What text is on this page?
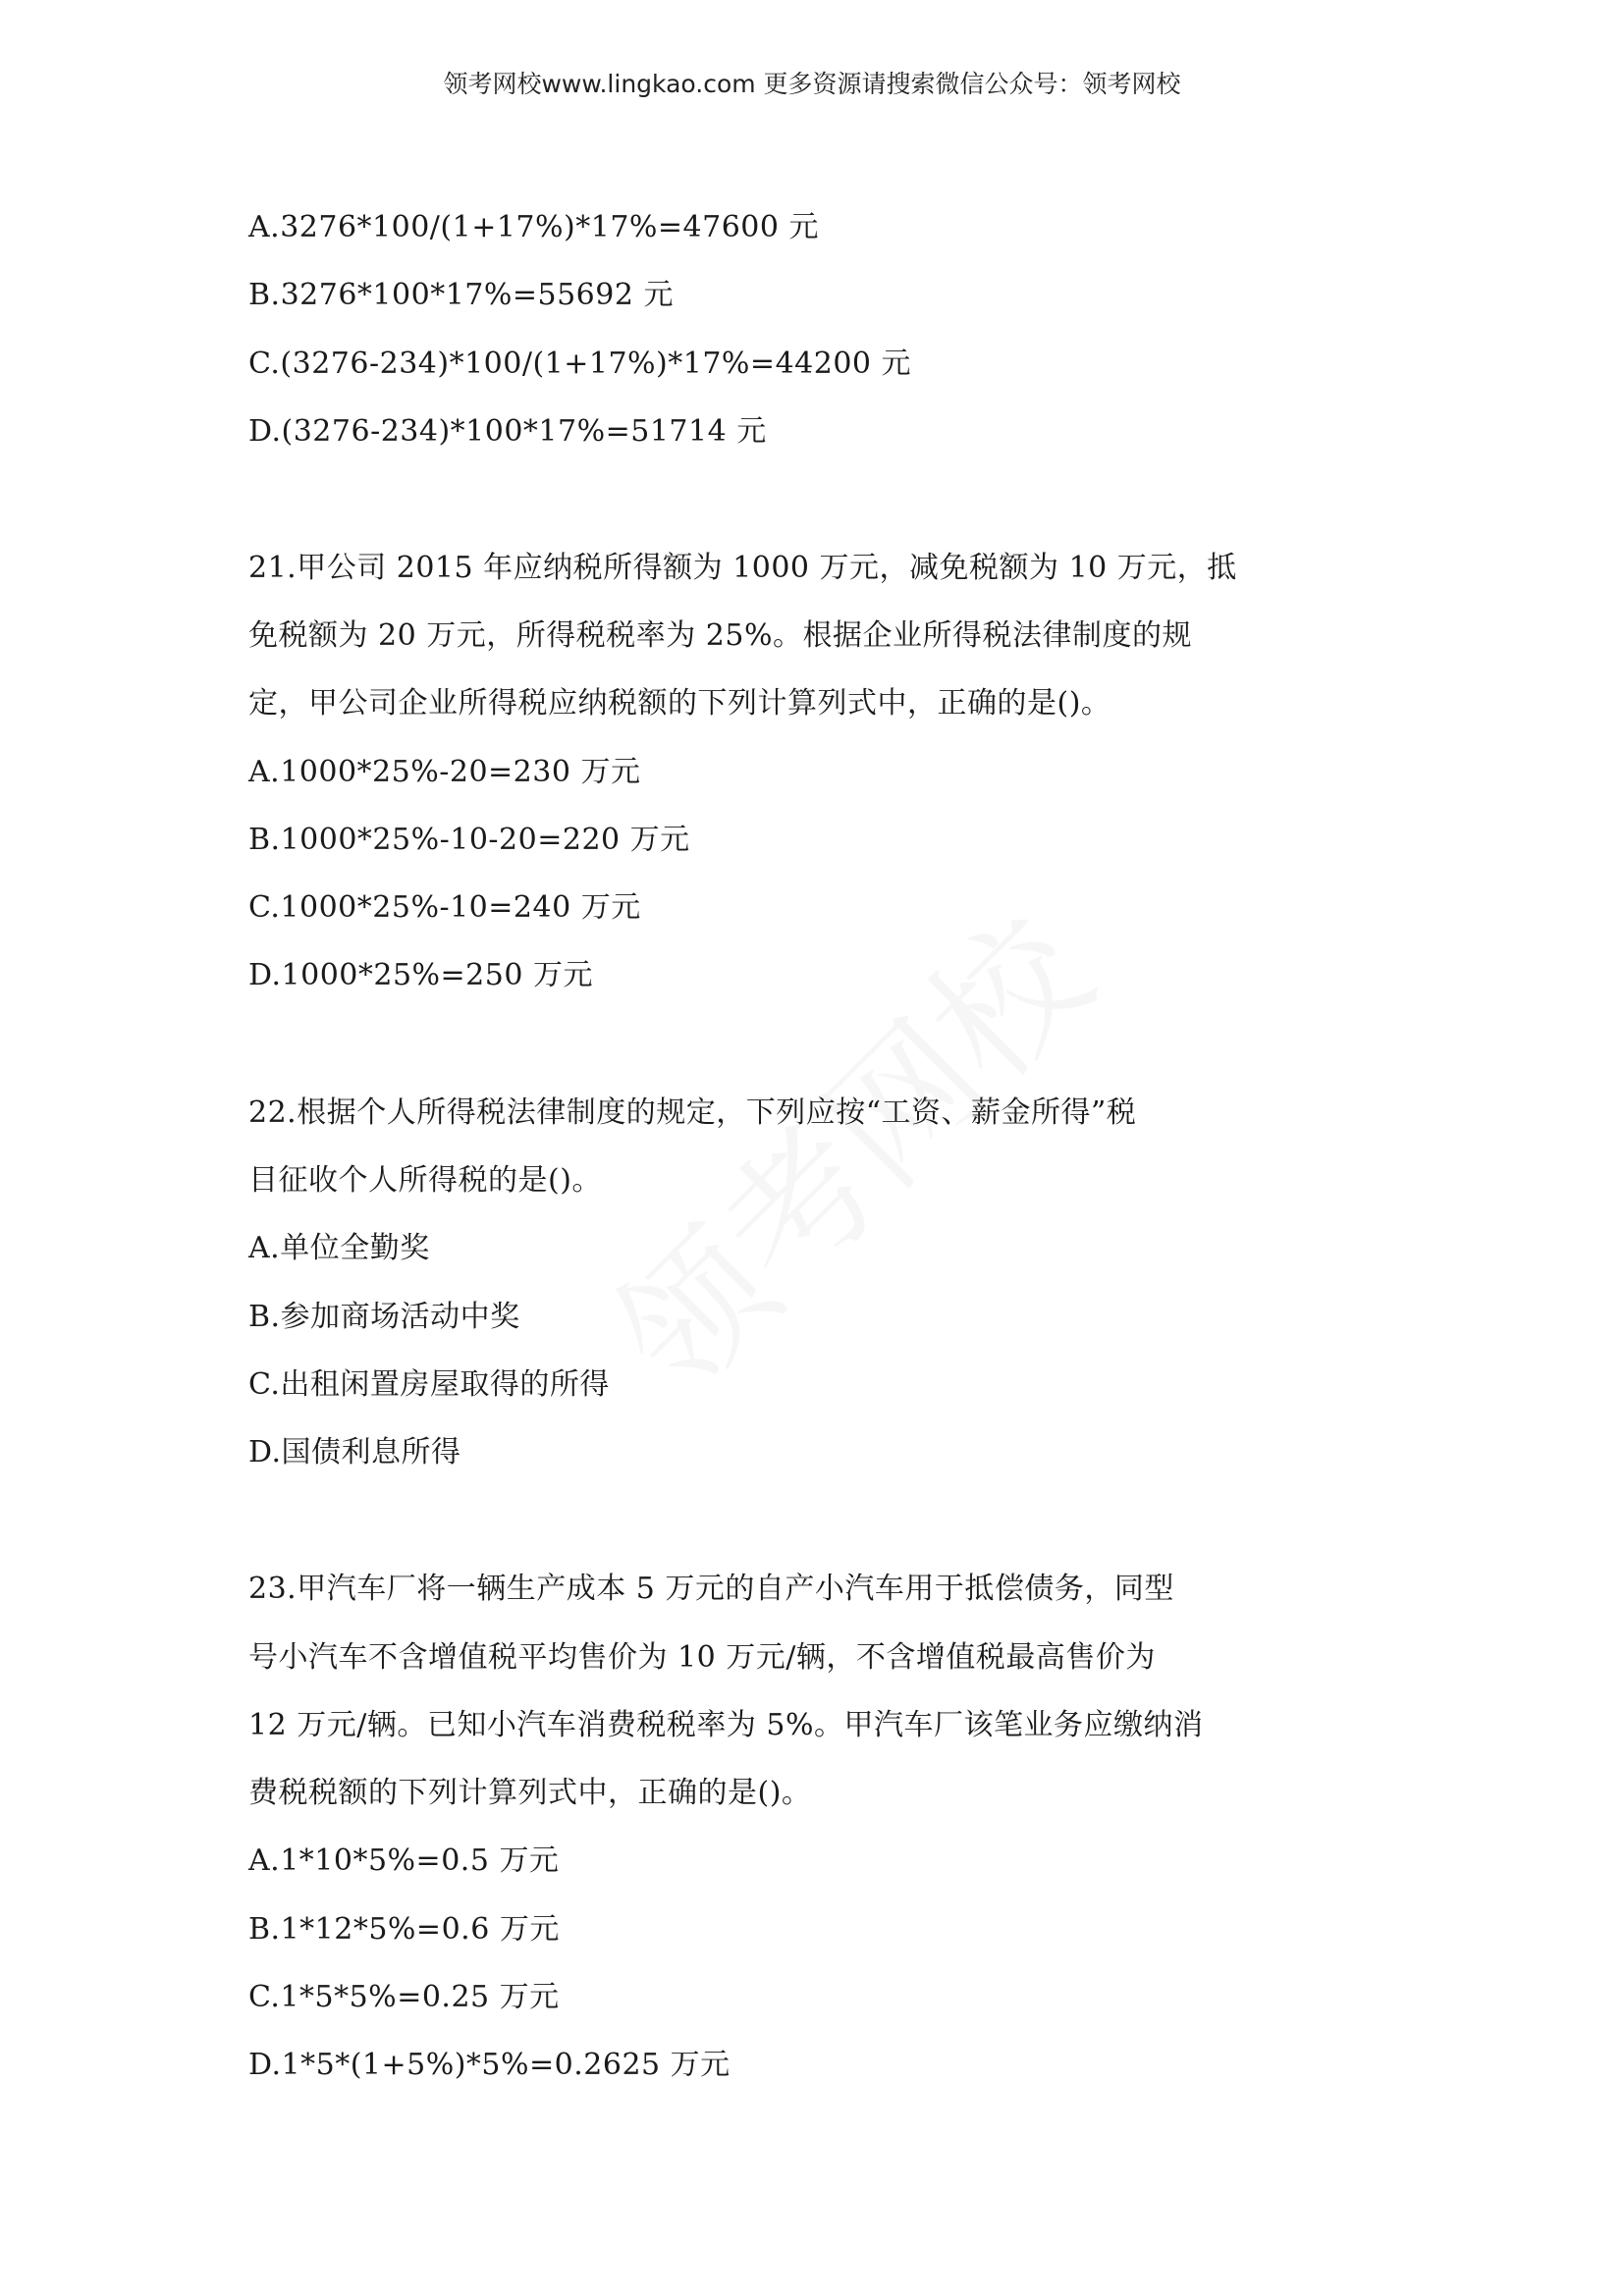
领考网校www.lingkao.com 更多资源请搜索微信公众号：领考网校
A.3276*100/(1+17%)*17%=47600 元
B.3276*100*17%=55692 元
C.(3276-234)*100/(1+17%)*17%=44200 元
D.(3276-234)*100*17%=51714 元
21.甲公司 2015 年应纳税所得额为 1000 万元，减免税额为 10 万元，抵
免税额为 20 万元，所得税税率为 25%。根据企业所得税法律制度的规
定，甲公司企业所得税应纳税额的下列计算列式中，正确的是()。
A.1000*25%-20=230 万元
B.1000*25%-10-20=220 万元
C.1000*25%-10=240 万元
D.1000*25%=250 万元
22.根据个人所得税法律制度的规定，下列应按“工资、薪金所得”税
目征收个人所得税的是()。
A.单位全勤奖
B.参加商场活动中奖
C.出租闲置房屋取得的所得
D.国债利息所得
23.甲汽车厂将一辆生产成本 5 万元的自产小汽车用于抵偿债务，同型
号小汽车不含增值税平均售价为 10 万元/辆，不含增值税最高售价为
12 万元/辆。已知小汽车消费税税率为 5%。甲汽车厂该笔业务应缴纳消
费税税额的下列计算列式中，正确的是()。
A.1*10*5%=0.5 万元
B.1*12*5%=0.6 万元
C.1*5*5%=0.25 万元
D.1*5*(1+5%)*5%=0.2625 万元
